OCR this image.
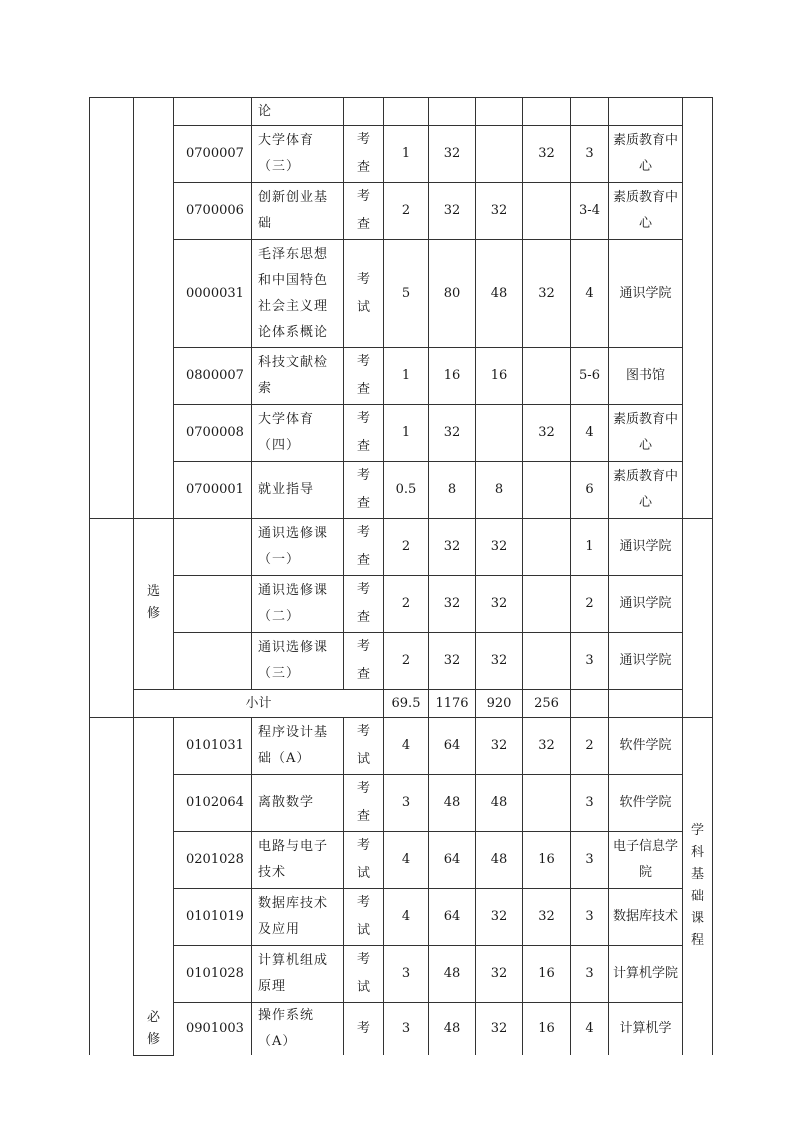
			论								
		0700007	大学体育（三）	考查	1	32		32	3	素质教育中心	
		0700006	创新创业基础	考查	2	32	32		3-4	素质教育中心	
		0000031	毛泽东思想和中国特色社会主义理论体系概论	考试	5	80	48	32	4	通识学院	
		0800007	科技文献检索	考查	1	16	16		5-6	图书馆	
		0700008	大学体育（四）	考查	1	32		32	4	素质教育中心	
		0700001	就业指导	考查	0.5	8	8		6	素质教育中心	
	选修		通识选修课（一）	考查	2	32	32		1	通识学院	
			通识选修课（二）	考查	2	32	32		2	通识学院	
			通识选修课（三）	考查	2	32	32		3	通识学院	
	小计				69.5	1176	920	256			
	必修	0101031	程序设计基础（A）	考试	4	64	32	32	2	软件学院	学科基础课程
		0102064	离散数学	考查	3	48	48		3	软件学院	
		0201028	电路与电子技术	考试	4	64	48	16	3	电子信息学院	
		0101019	数据库技术及应用	考试	4	64	32	32	3	数据库技术	
		0101028	计算机组成原理	考试	3	48	32	16	3	计算机学院	
		0901003	操作系统（A）	考	3	48	32	16	4	计算机学	
